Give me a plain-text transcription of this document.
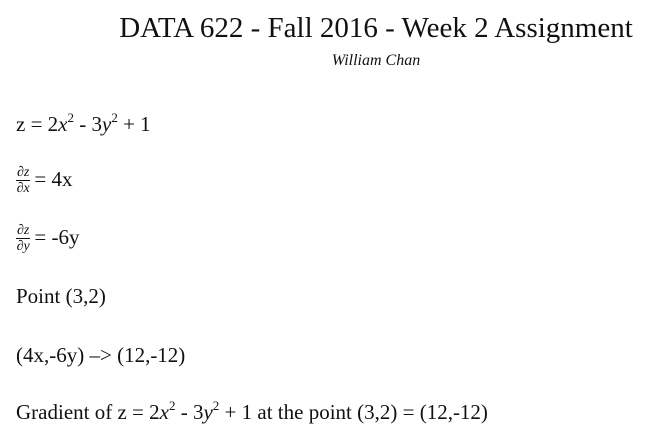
DATA 622 - Fall 2016 - Week 2 Assignment
William Chan
$z = 2x^2 - 3y^2 + 1$
$\frac{\partial z}{\partial x} = 4x$
$\frac{\partial z}{\partial y} = -6y$
Point (3,2)
(4x,-6y) –> (12,-12)
Gradient of $z = 2x^2 - 3y^2 + 1$ at the point (3,2) = (12,-12)
